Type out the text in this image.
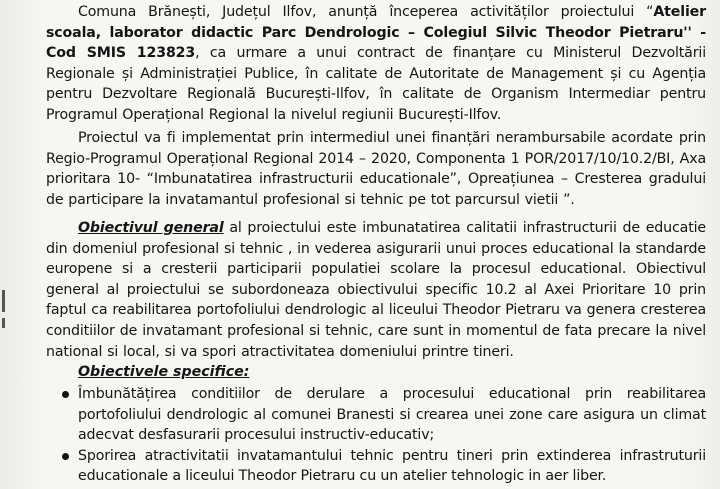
Comuna Brănești, Județul Ilfov, anunță începerea activităților proiectului “Atelier scoala, laborator didactic Parc Dendrologic – Colegiul Silvic Theodor Pietraru'' - Cod SMIS 123823, ca urmare a unui contract de finanțare cu Ministerul Dezvoltării Regionale și Administrației Publice, în calitate de Autoritate de Management și cu Agenția pentru Dezvoltare Regională București-Ilfov, în calitate de Organism Intermediar pentru Programul Operațional Regional la nivelul regiunii București-Ilfov.

Proiectul va fi implementat prin intermediul unei finanțări nerambursabile acordate prin Regio-Programul Operațional Regional 2014 – 2020, Componenta 1 POR/2017/10/10.2/BI, Axa prioritara 10- “Imbunatatirea infrastructurii educationale”, Opreațiunea – Cresterea gradului de participare la invatamantul profesional si tehnic pe tot parcursul vietii ”.

Obiectivul general al proiectului este imbunatatirea calitatii infrastructurii de educatie din domeniul profesional si tehnic , in vederea asigurarii unui proces educational la standarde europene si a cresterii participarii populatiei scolare la procesul educational. Obiectivul general al proiectului se subordoneaza obiectivului specific 10.2 al Axei Prioritare 10 prin faptul ca reabilitarea portofoliului dendrologic al liceului Theodor Pietraru va genera cresterea conditiilor de invatamant profesional si tehnic, care sunt in momentul de fata precare la nivel national si local, si va spori atractivitatea domeniului printre tineri.

Obiectivele specifice:
Îmbunătățirea conditiilor de derulare a procesului educational prin reabilitarea portofoliului dendrologic al comunei Branesti si crearea unei zone care asigura un climat adecvat desfasurarii procesului instructiv-educativ;
Sporirea atractivitatii invatamantului tehnic pentru tineri prin extinderea infrastruturii educationale a liceului Theodor Pietraru cu un atelier tehnologic in aer liber.
